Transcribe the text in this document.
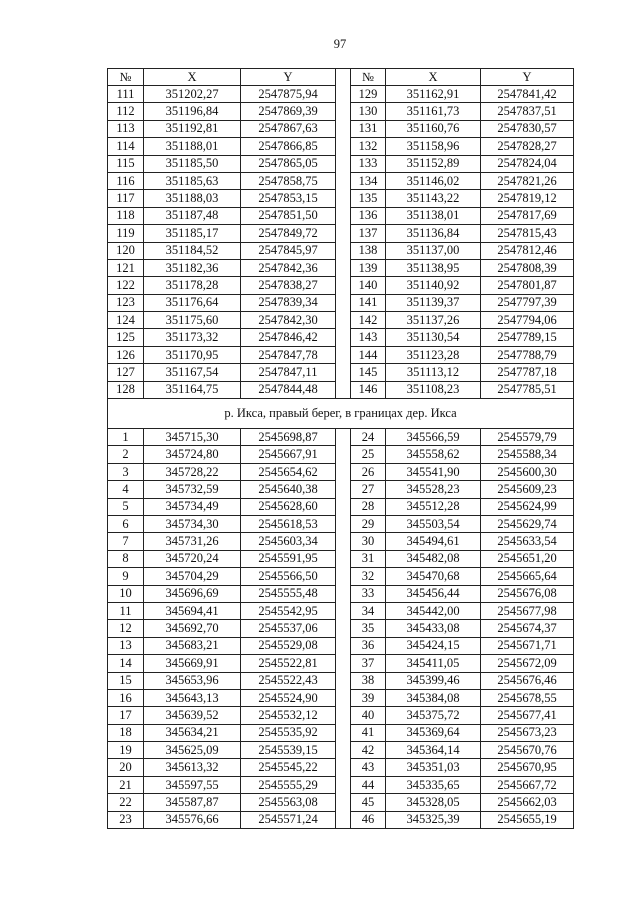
97
№	X	Y		№	X	Y
111	351202,27	2547875,94		129	351162,91	2547841,42
112	351196,84	2547869,39		130	351161,73	2547837,51
113	351192,81	2547867,63		131	351160,76	2547830,57
114	351188,01	2547866,85		132	351158,96	2547828,27
115	351185,50	2547865,05		133	351152,89	2547824,04
116	351185,63	2547858,75		134	351146,02	2547821,26
117	351188,03	2547853,15		135	351143,22	2547819,12
118	351187,48	2547851,50		136	351138,01	2547817,69
119	351185,17	2547849,72		137	351136,84	2547815,43
120	351184,52	2547845,97		138	351137,00	2547812,46
121	351182,36	2547842,36		139	351138,95	2547808,39
122	351178,28	2547838,27		140	351140,92	2547801,87
123	351176,64	2547839,34		141	351139,37	2547797,39
124	351175,60	2547842,30		142	351137,26	2547794,06
125	351173,32	2547846,42		143	351130,54	2547789,15
126	351170,95	2547847,78		144	351123,28	2547788,79
127	351167,54	2547847,11		145	351113,12	2547787,18
128	351164,75	2547844,48		146	351108,23	2547785,51
р. Икса, правый берег, в границах дер. Икса						
1	345715,30	2545698,87		24	345566,59	2545579,79
2	345724,80	2545667,91		25	345558,62	2545588,34
3	345728,22	2545654,62		26	345541,90	2545600,30
4	345732,59	2545640,38		27	345528,23	2545609,23
5	345734,49	2545628,60		28	345512,28	2545624,99
6	345734,30	2545618,53		29	345503,54	2545629,74
7	345731,26	2545603,34		30	345494,61	2545633,54
8	345720,24	2545591,95		31	345482,08	2545651,20
9	345704,29	2545566,50		32	345470,68	2545665,64
10	345696,69	2545555,48		33	345456,44	2545676,08
11	345694,41	2545542,95		34	345442,00	2545677,98
12	345692,70	2545537,06		35	345433,08	2545674,37
13	345683,21	2545529,08		36	345424,15	2545671,71
14	345669,91	2545522,81		37	345411,05	2545672,09
15	345653,96	2545522,43		38	345399,46	2545676,46
16	345643,13	2545524,90		39	345384,08	2545678,55
17	345639,52	2545532,12		40	345375,72	2545677,41
18	345634,21	2545535,92		41	345369,64	2545673,23
19	345625,09	2545539,15		42	345364,14	2545670,76
20	345613,32	2545545,22		43	345351,03	2545670,95
21	345597,55	2545555,29		44	345335,65	2545667,72
22	345587,87	2545563,08		45	345328,05	2545662,03
23	345576,66	2545571,24		46	345325,39	2545655,19
